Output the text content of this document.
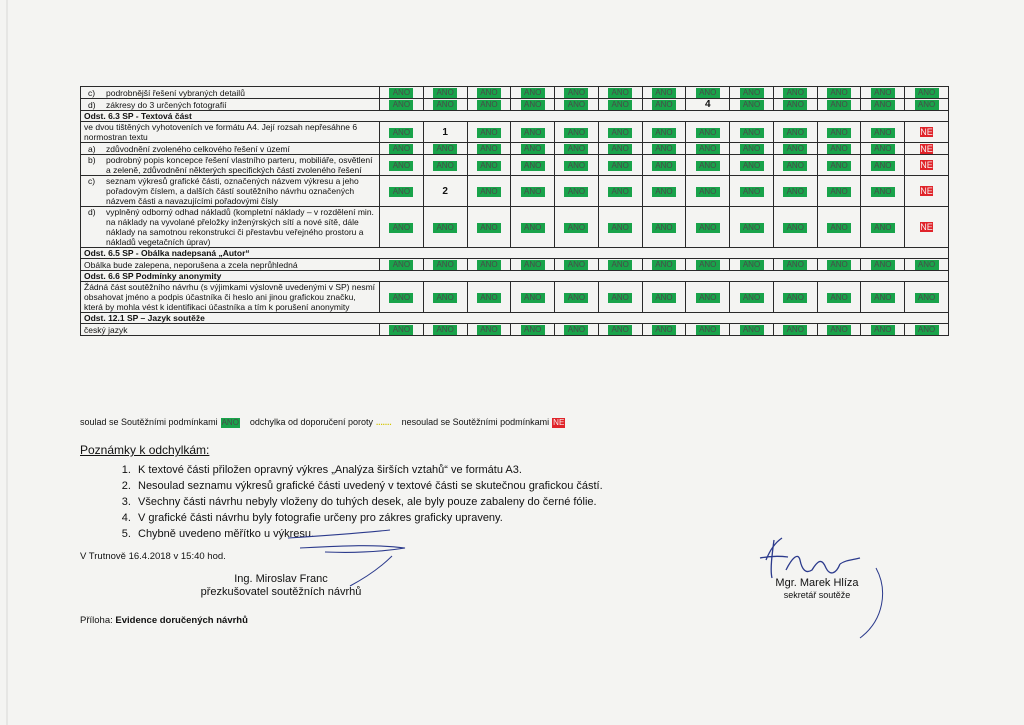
c) podrobnější řešení vybraných detailů	ANO	ANO	ANO	ANO	ANO	ANO	ANO	ANO	ANO	ANO	ANO	ANO	ANO

d) zákresy do 3 určených fotografií	ANO	ANO	ANO	ANO	ANO	ANO	ANO	4	ANO	ANO	ANO	ANO	ANO
Odst. 6.3 SP - Textová část													
ve dvou tištěných vyhotoveních ve formátu A4. Její rozsah nepřesáhne 6 normostran textu	ANO	1	ANO	ANO	ANO	ANO	ANO	ANO	ANO	ANO	ANO	ANO	NE

a) zdůvodnění zvoleného celkového řešení v území	ANO	ANO	ANO	ANO	ANO	ANO	ANO	ANO	ANO	ANO	ANO	ANO	NE

b) podrobný popis koncepce řešení vlastního parteru, mobiliáře, osvětlení a zeleně, zdůvodnění některých specifických částí zvoleného řešení	ANO	ANO	ANO	ANO	ANO	ANO	ANO	ANO	ANO	ANO	ANO	ANO	NE

c) seznam výkresů grafické části, označených názvem výkresu a jeho pořadovým číslem, a dalších částí soutěžního návrhu označených názvem části a navazujícími pořadovými čísly	ANO	2	ANO	ANO	ANO	ANO	ANO	ANO	ANO	ANO	ANO	ANO	NE

d) vyplněný odborný odhad nákladů (kompletní náklady – v rozdělení min. na náklady na vyvolané přeložky inženýrských sítí a nové sítě, dále náklady na samotnou rekonstrukci či přestavbu veřejného prostoru a nákladů vegetačních úprav)	ANO	ANO	ANO	ANO	ANO	ANO	ANO	ANO	ANO	ANO	ANO	ANO	NE
Odst. 6.5 SP - Obálka nadepsaná „Autor“													
Obálka bude zalepena, neporušena a zcela neprůhledná	ANO	ANO	ANO	ANO	ANO	ANO	ANO	ANO	ANO	ANO	ANO	ANO	ANO
Odst. 6.6 SP Podmínky anonymity													
Žádná část soutěžního návrhu (s výjimkami výslovně uvedenými v SP) nesmí obsahovat jméno a podpis účastníka či heslo ani jinou grafickou značku, která by mohla vést k identifikaci účastníka a tím k porušení anonymity	ANO	ANO	ANO	ANO	ANO	ANO	ANO	ANO	ANO	ANO	ANO	ANO	ANO
Odst. 12.1 SP – Jazyk soutěže													
český jazyk	ANO	ANO	ANO	ANO	ANO	ANO	ANO	ANO	ANO	ANO	ANO	ANO	ANO
soulad se Soutěžními podmínkami ANO odchylka od doporučení poroty ....... nesoulad se Soutěžními podmínkami NE
Poznámky k odchylkám:
1. K textové části přiložen opravný výkres „Analýza širších vztahů“ ve formátu A3.
2. Nesoulad seznamu výkresů grafické části uvedený v textové části se skutečnou grafickou částí.
3. Všechny části návrhu nebyly vloženy do tuhých desek, ale byly pouze zabaleny do černé fólie.
4. V grafické části návrhu byly fotografie určeny pro zákres graficky upraveny.
5. Chybně uvedeno měřítko u výkresu.
V Trutnově 16.4.2018 v 15:40 hod.
Ing. Miroslav Franc
přezkušovatel soutěžních návrhů
Mgr. Marek Hlíza
sekretář soutěže
Příloha: Evidence doručených návrhů
